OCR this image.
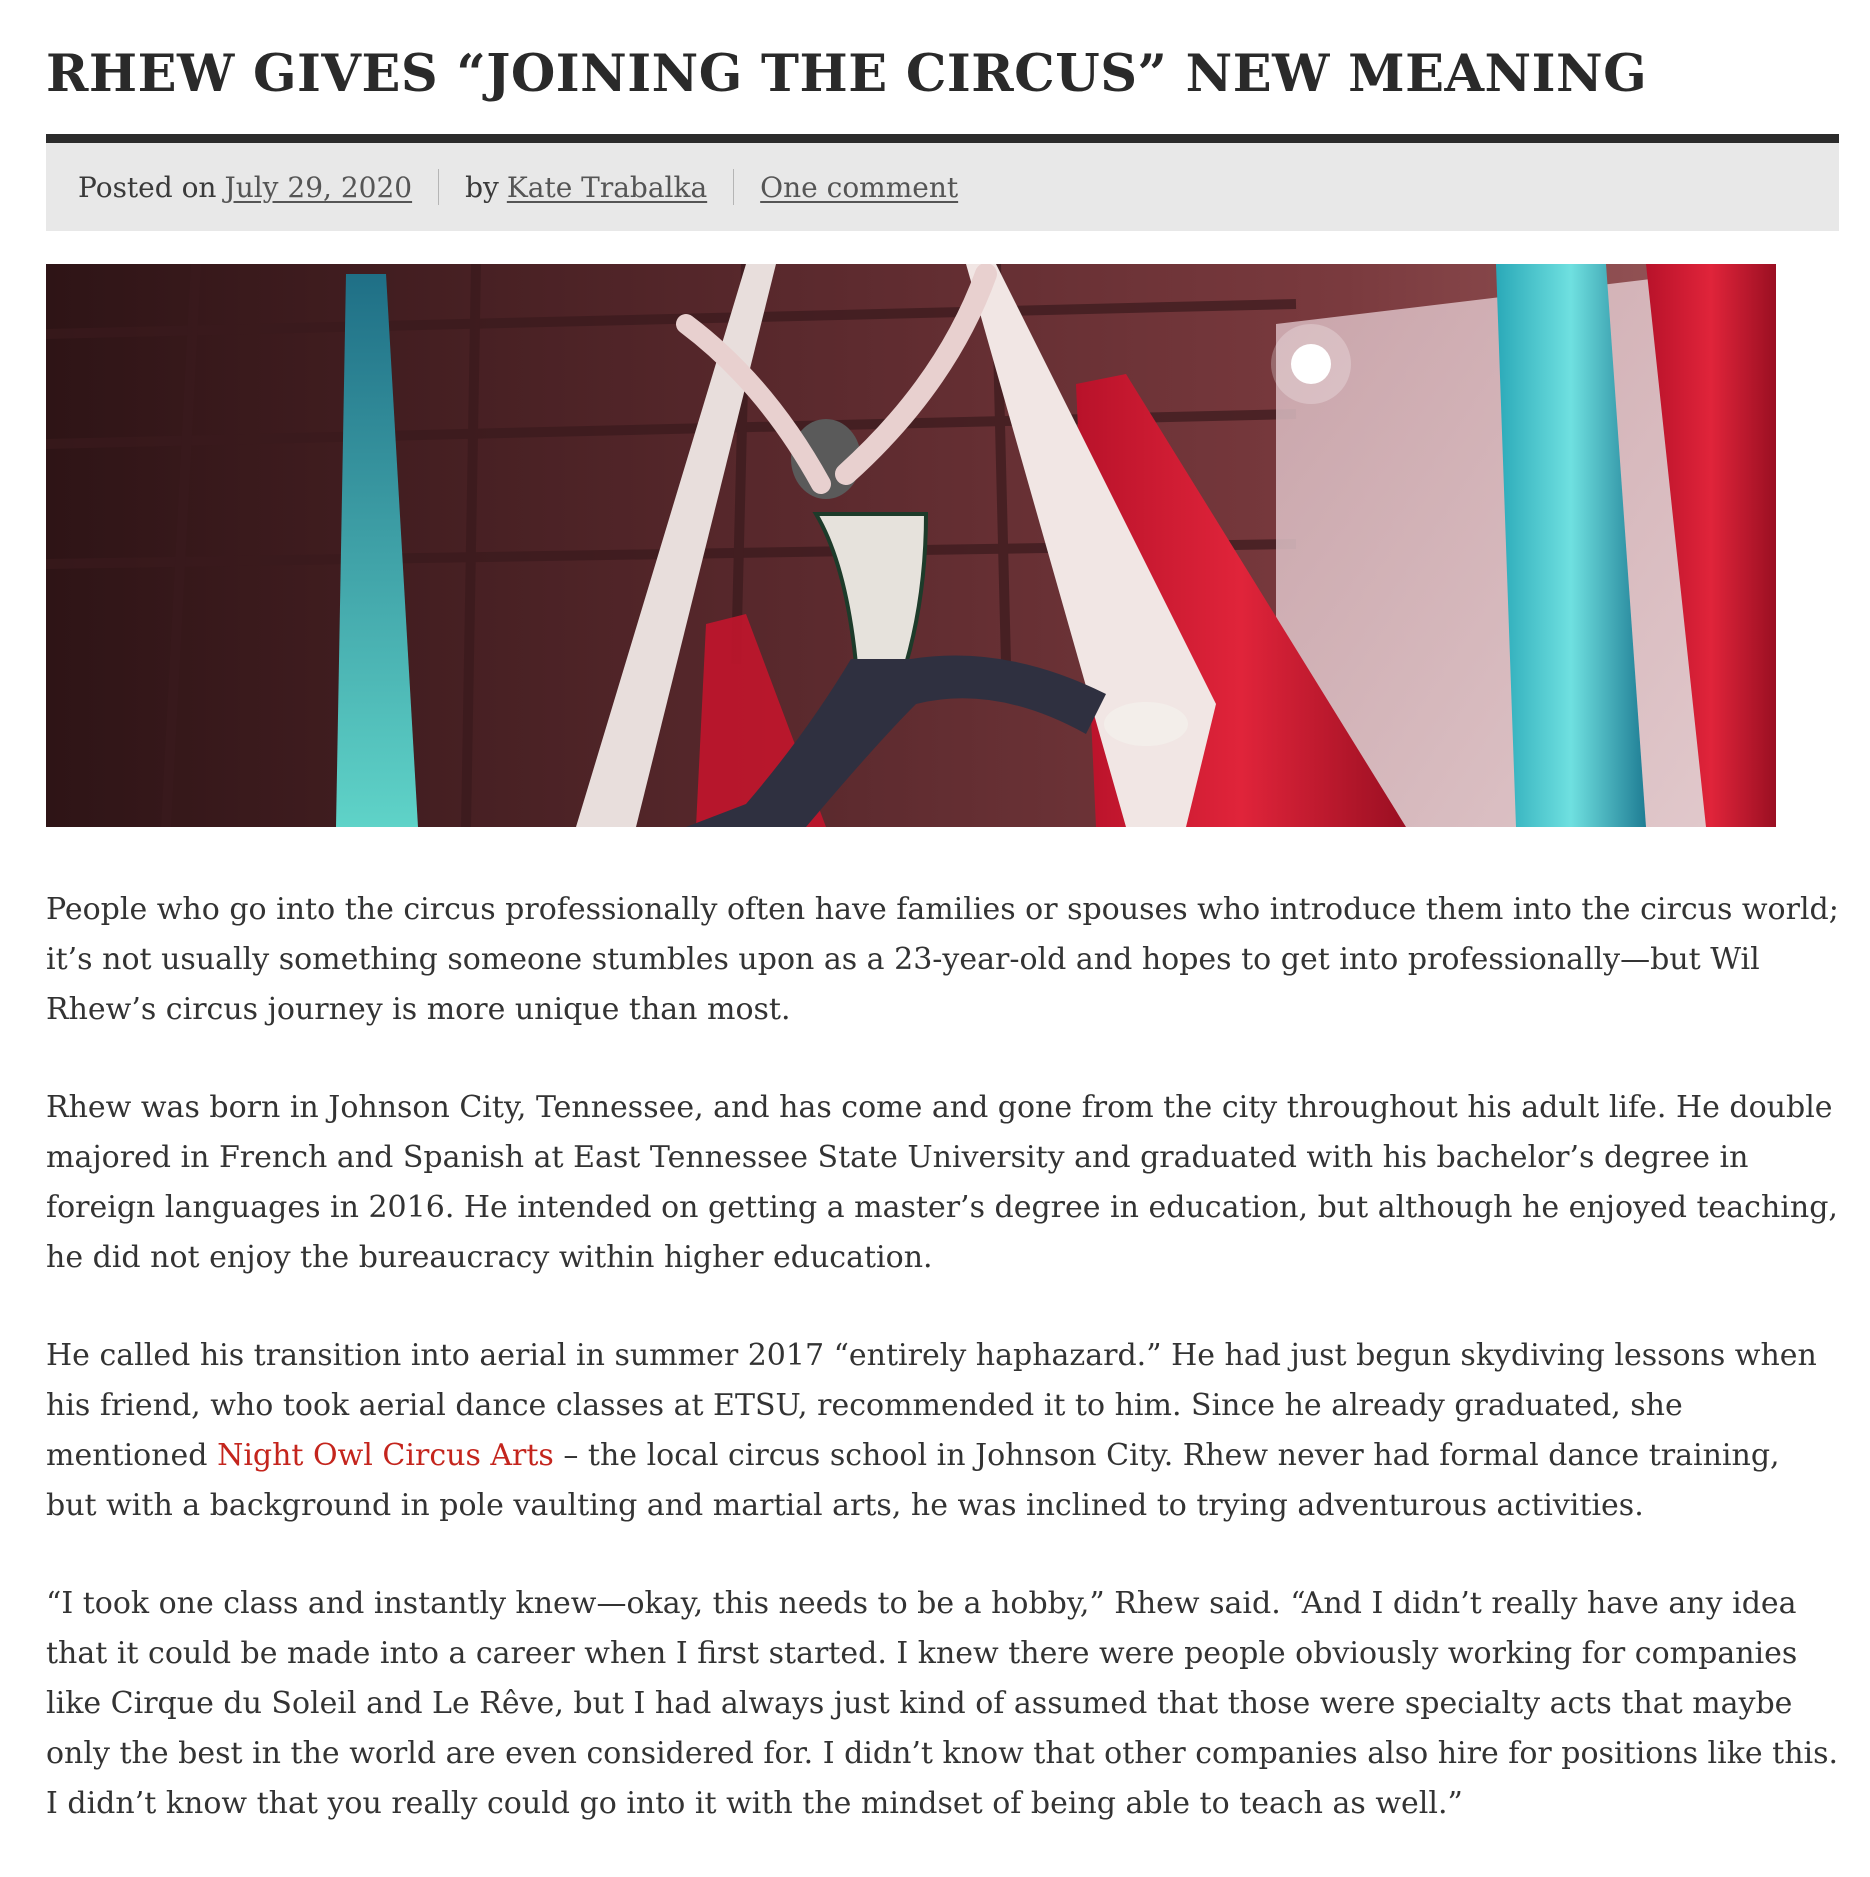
RHEW GIVES “JOINING THE CIRCUS” NEW MEANING
Posted on July 29, 2020 by Kate Trabalka One comment

People who go into the circus professionally often have families or spouses who introduce them into the circus world; it’s not usually something someone stumbles upon as a 23-year-old and hopes to get into professionally—but Wil Rhew’s circus journey is more unique than most.

Rhew was born in Johnson City, Tennessee, and has come and gone from the city throughout his adult life. He double majored in French and Spanish at East Tennessee State University and graduated with his bachelor’s degree in foreign languages in 2016. He intended on getting a master’s degree in education, but although he enjoyed teaching, he did not enjoy the bureaucracy within higher education.

He called his transition into aerial in summer 2017 “entirely haphazard.” He had just begun skydiving lessons when his friend, who took aerial dance classes at ETSU, recommended it to him. Since he already graduated, she mentioned Night Owl Circus Arts – the local circus school in Johnson City. Rhew never had formal dance training, but with a background in pole vaulting and martial arts, he was inclined to trying adventurous activities.

“I took one class and instantly knew—okay, this needs to be a hobby,” Rhew said. “And I didn’t really have any idea that it could be made into a career when I first started. I knew there were people obviously working for companies like Cirque du Soleil and Le Rêve, but I had always just kind of assumed that those were specialty acts that maybe only the best in the world are even considered for. I didn’t know that other companies also hire for positions like this. I didn’t know that you really could go into it with the mindset of being able to teach as well.”
